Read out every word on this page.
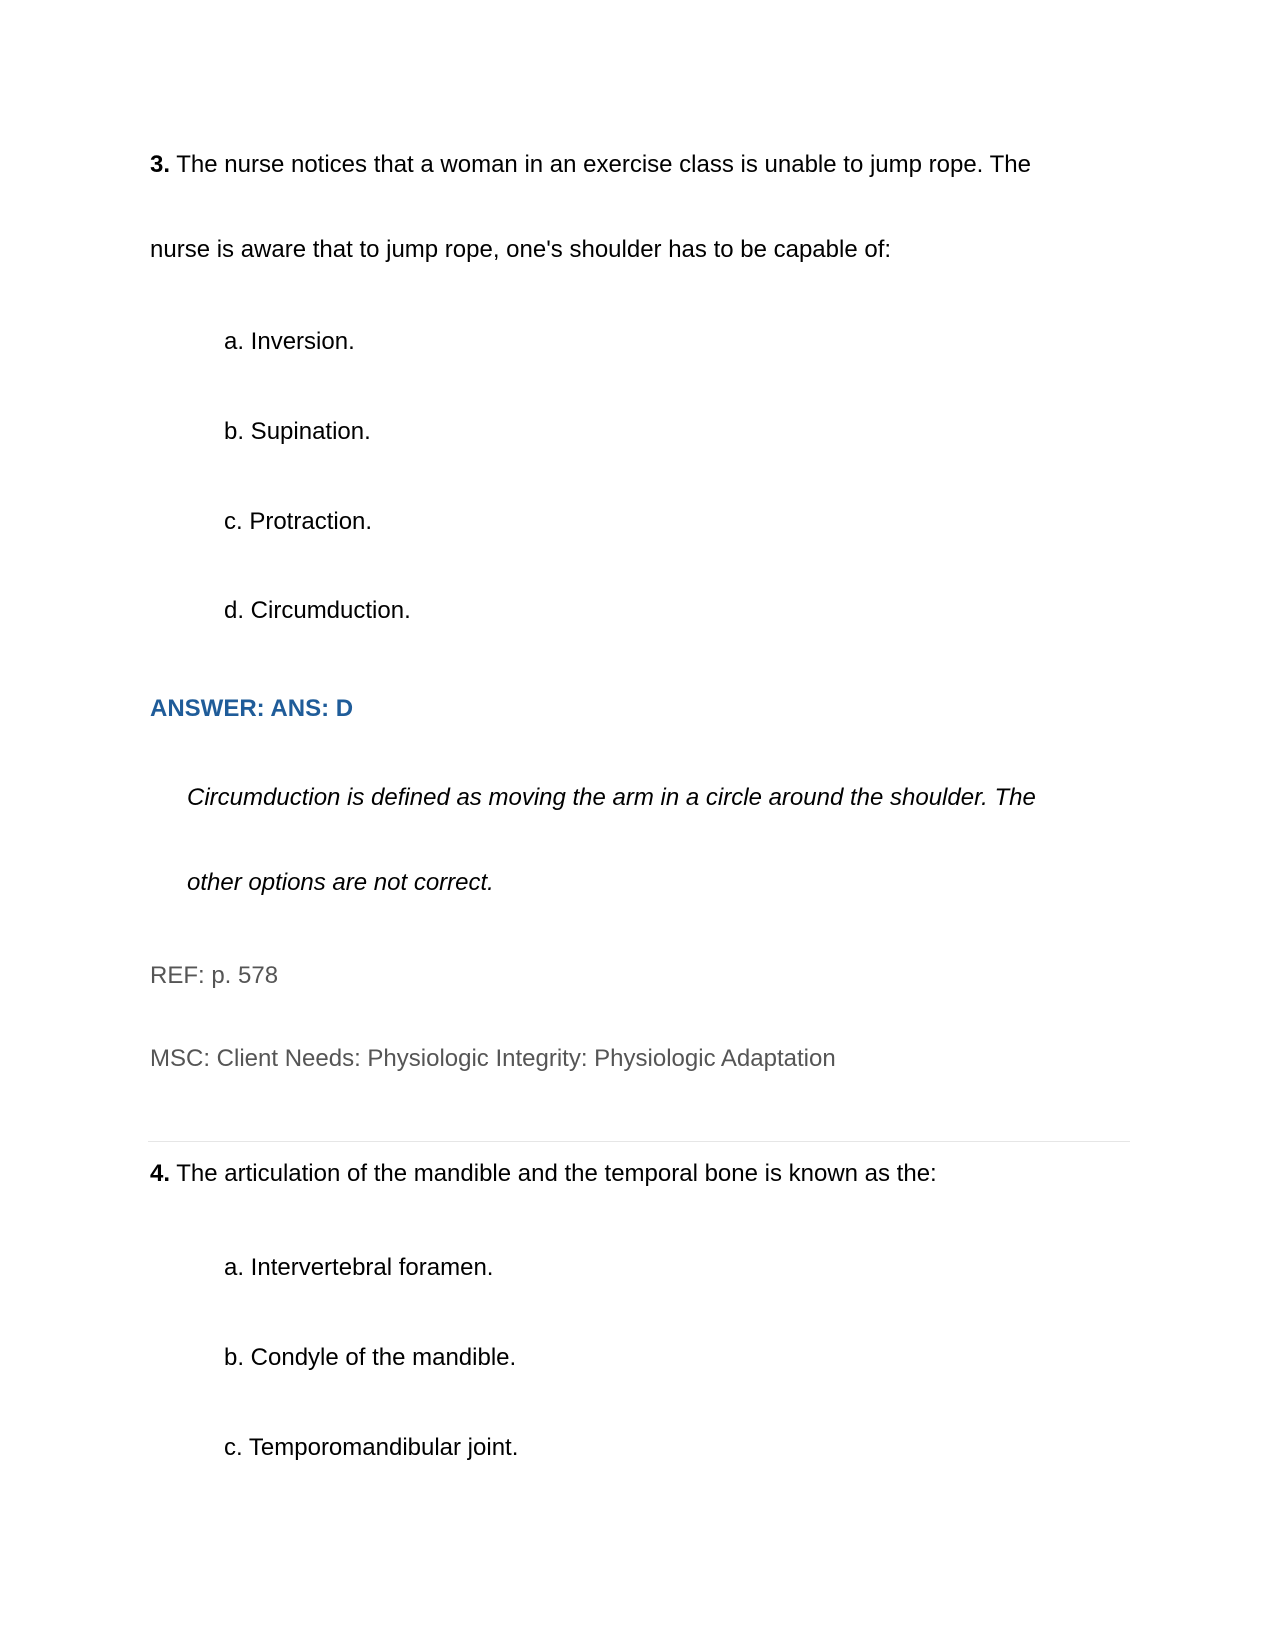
3. The nurse notices that a woman in an exercise class is unable to jump rope. The

nurse is aware that to jump rope, one's shoulder has to be capable of:

a. Inversion.

b. Supination.

c. Protraction.

d. Circumduction.

ANSWER: ANS: D

Circumduction is defined as moving the arm in a circle around the shoulder. The

other options are not correct.

REF: p. 578

MSC: Client Needs: Physiologic Integrity: Physiologic Adaptation

4. The articulation of the mandible and the temporal bone is known as the:

a. Intervertebral foramen.

b. Condyle of the mandible.

c. Temporomandibular joint.
